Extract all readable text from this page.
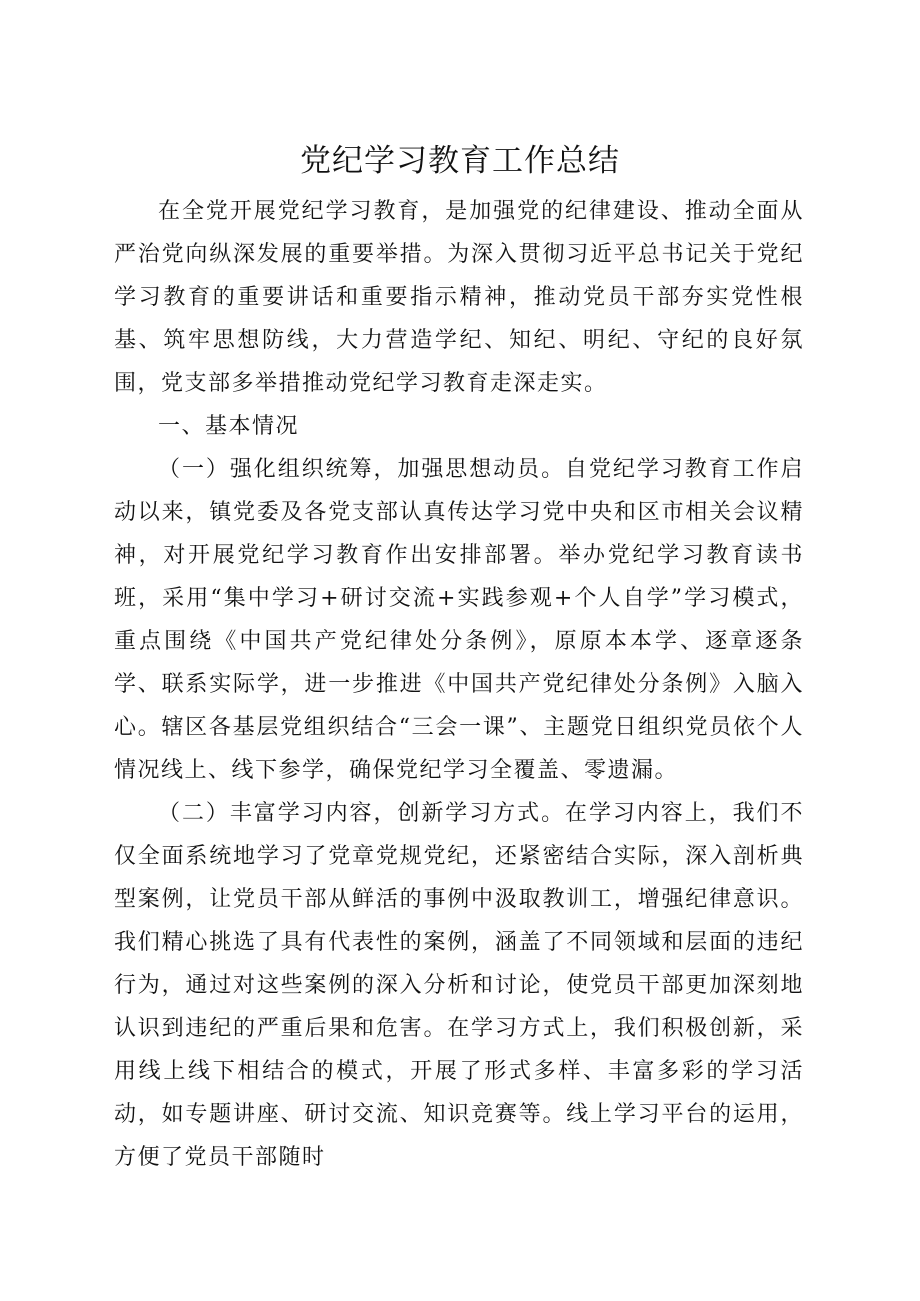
党纪学习教育工作总结

在全党开展党纪学习教育，是加强党的纪律建设、推动全面从严治党向纵深发展的重要举措。为深入贯彻习近平总书记关于党纪学习教育的重要讲话和重要指示精神，推动党员干部夯实党性根基、筑牢思想防线，大力营造学纪、知纪、明纪、守纪的良好氛围，党支部多举措推动党纪学习教育走深走实。

一、基本情况

（一）强化组织统筹，加强思想动员。自党纪学习教育工作启动以来，镇党委及各党支部认真传达学习党中央和区市相关会议精神，对开展党纪学习教育作出安排部署。举办党纪学习教育读书班，采用“集中学习+研讨交流+实践参观+个人自学”学习模式，重点围绕《中国共产党纪律处分条例》，原原本本学、逐章逐条学、联系实际学，进一步推进《中国共产党纪律处分条例》入脑入心。辖区各基层党组织结合“三会一课”、主题党日组织党员依个人情况线上、线下参学，确保党纪学习全覆盖、零遗漏。

（二）丰富学习内容，创新学习方式。在学习内容上，我们不仅全面系统地学习了党章党规党纪，还紧密结合实际，深入剖析典型案例，让党员干部从鲜活的事例中汲取教训工，增强纪律意识。我们精心挑选了具有代表性的案例，涵盖了不同领域和层面的违纪行为，通过对这些案例的深入分析和讨论，使党员干部更加深刻地认识到违纪的严重后果和危害。在学习方式上，我们积极创新，采用线上线下相结合的模式，开展了形式多样、丰富多彩的学习活动，如专题讲座、研讨交流、知识竞赛等。线上学习平台的运用，方便了党员干部随时
